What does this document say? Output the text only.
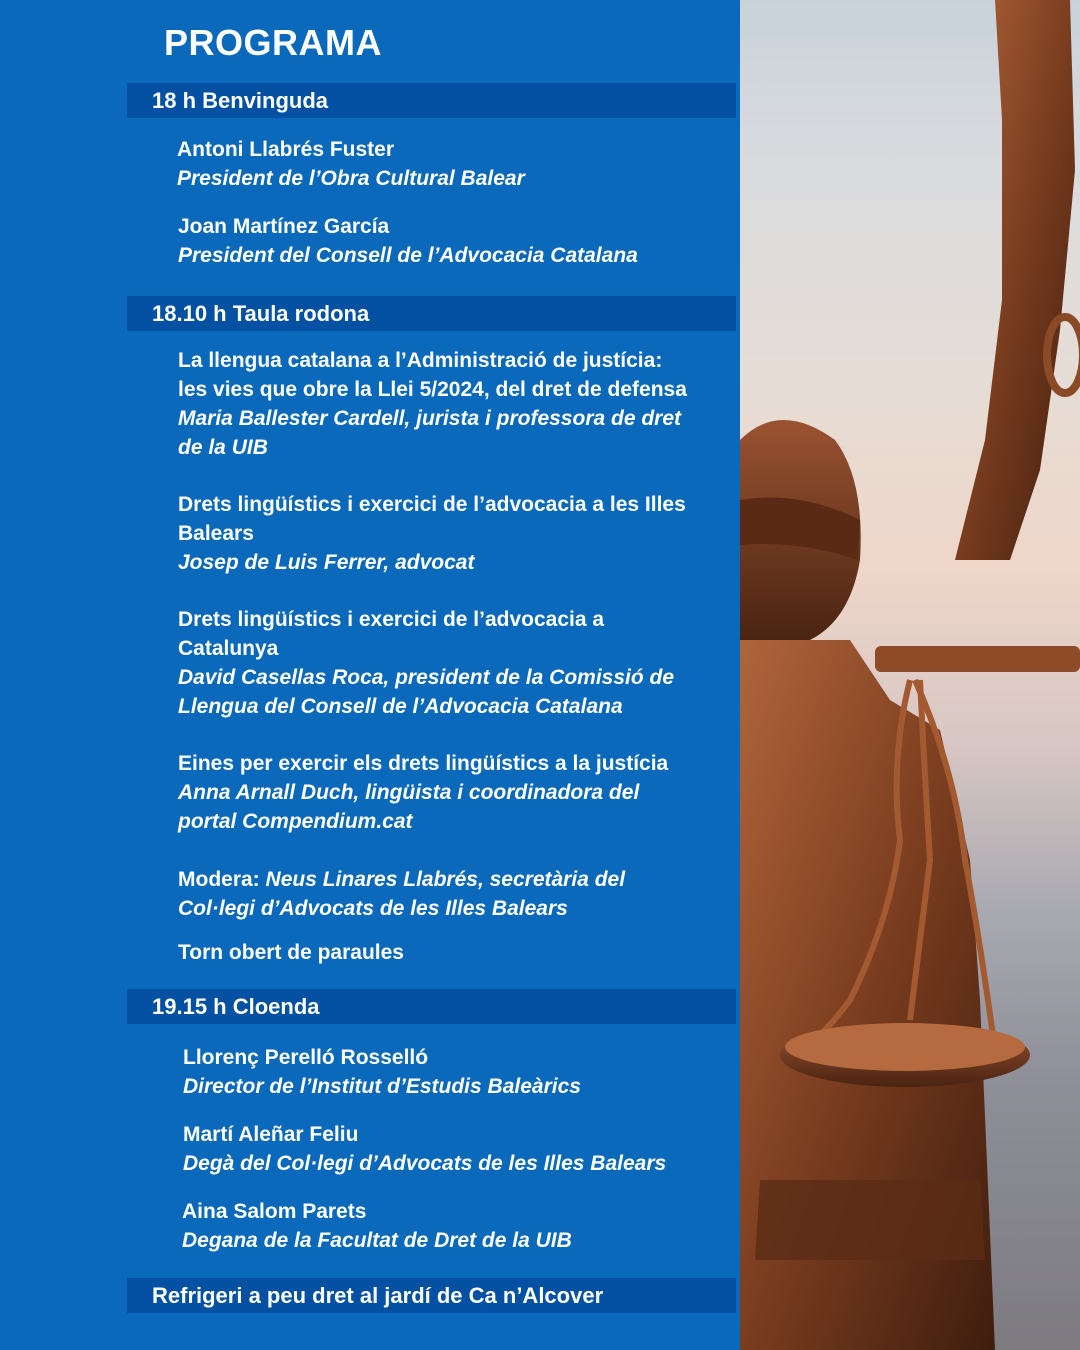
PROGRAMA
18 h Benvinguda
Antoni Llabrés Fuster
President de l’Obra Cultural Balear
Joan Martínez García
President del Consell de l’Advocacia Catalana
18.10 h Taula rodona
La llengua catalana a l’Administració de justícia:
les vies que obre la Llei 5/2024, del dret de defensa
Maria Ballester Cardell, jurista i professora de dret
de la UIB
Drets lingüístics i exercici de l’advocacia a les Illes
Balears
Josep de Luis Ferrer, advocat
Drets lingüístics i exercici de l’advocacia a
Catalunya
David Casellas Roca, president de la Comissió de
Llengua del Consell de l’Advocacia Catalana
Eines per exercir els drets lingüístics a la justícia
Anna Arnall Duch, lingüista i coordinadora del
portal Compendium.cat
Modera: Neus Linares Llabrés, secretària del
Col·legi d’Advocats de les Illes Balears
Torn obert de paraules
19.15 h Cloenda
Llorenç Perelló Rosselló
Director de l’Institut d’Estudis Baleàrics
Martí Aleñar Feliu
Degà del Col·legi d’Advocats de les Illes Balears
Aina Salom Parets
Degana de la Facultat de Dret de la UIB
Refrigeri a peu dret al jardí de Ca n’Alcover
